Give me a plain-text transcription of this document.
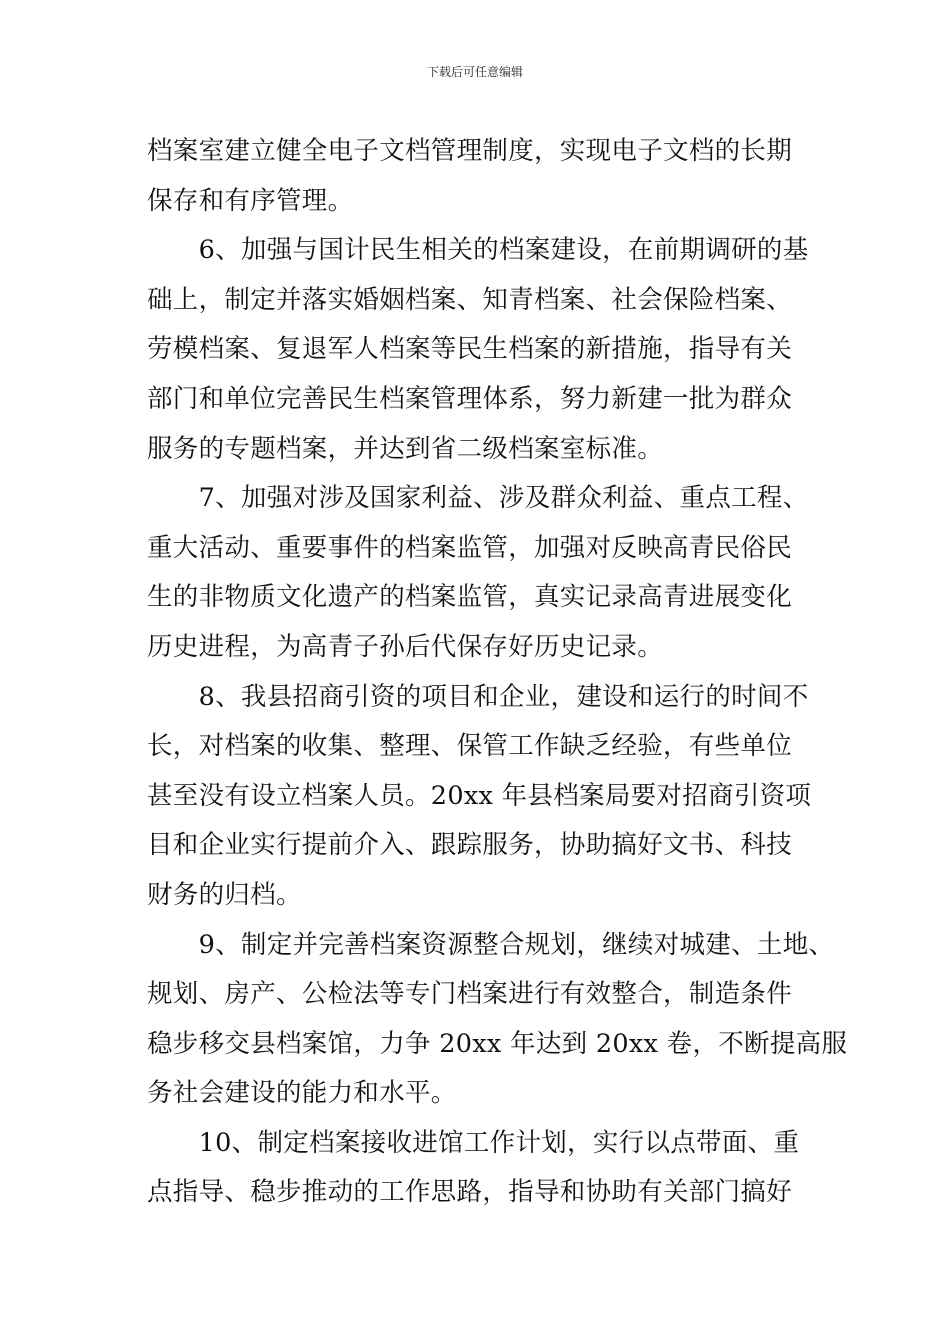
下载后可任意编辑
档案室建立健全电子文档管理制度，实现电子文档的长期
保存和有序管理。
　　6、加强与国计民生相关的档案建设，在前期调研的基
础上，制定并落实婚姻档案、知青档案、社会保险档案、
劳模档案、复退军人档案等民生档案的新措施，指导有关
部门和单位完善民生档案管理体系，努力新建一批为群众
服务的专题档案，并达到省二级档案室标准。
　　7、加强对涉及国家利益、涉及群众利益、重点工程、
重大活动、重要事件的档案监管，加强对反映高青民俗民
生的非物质文化遗产的档案监管，真实记录高青进展变化
历史进程，为高青子孙后代保存好历史记录。
　　8、我县招商引资的项目和企业，建设和运行的时间不
长，对档案的收集、整理、保管工作缺乏经验，有些单位
甚至没有设立档案人员。20xx 年县档案局要对招商引资项
目和企业实行提前介入、跟踪服务，协助搞好文书、科技
财务的归档。
　　9、制定并完善档案资源整合规划，继续对城建、土地、
规划、房产、公检法等专门档案进行有效整合，制造条件
稳步移交县档案馆，力争 20xx 年达到 20xx 卷，不断提高服
务社会建设的能力和水平。
　　10、制定档案接收进馆工作计划，实行以点带面、重
点指导、稳步推动的工作思路，指导和协助有关部门搞好
